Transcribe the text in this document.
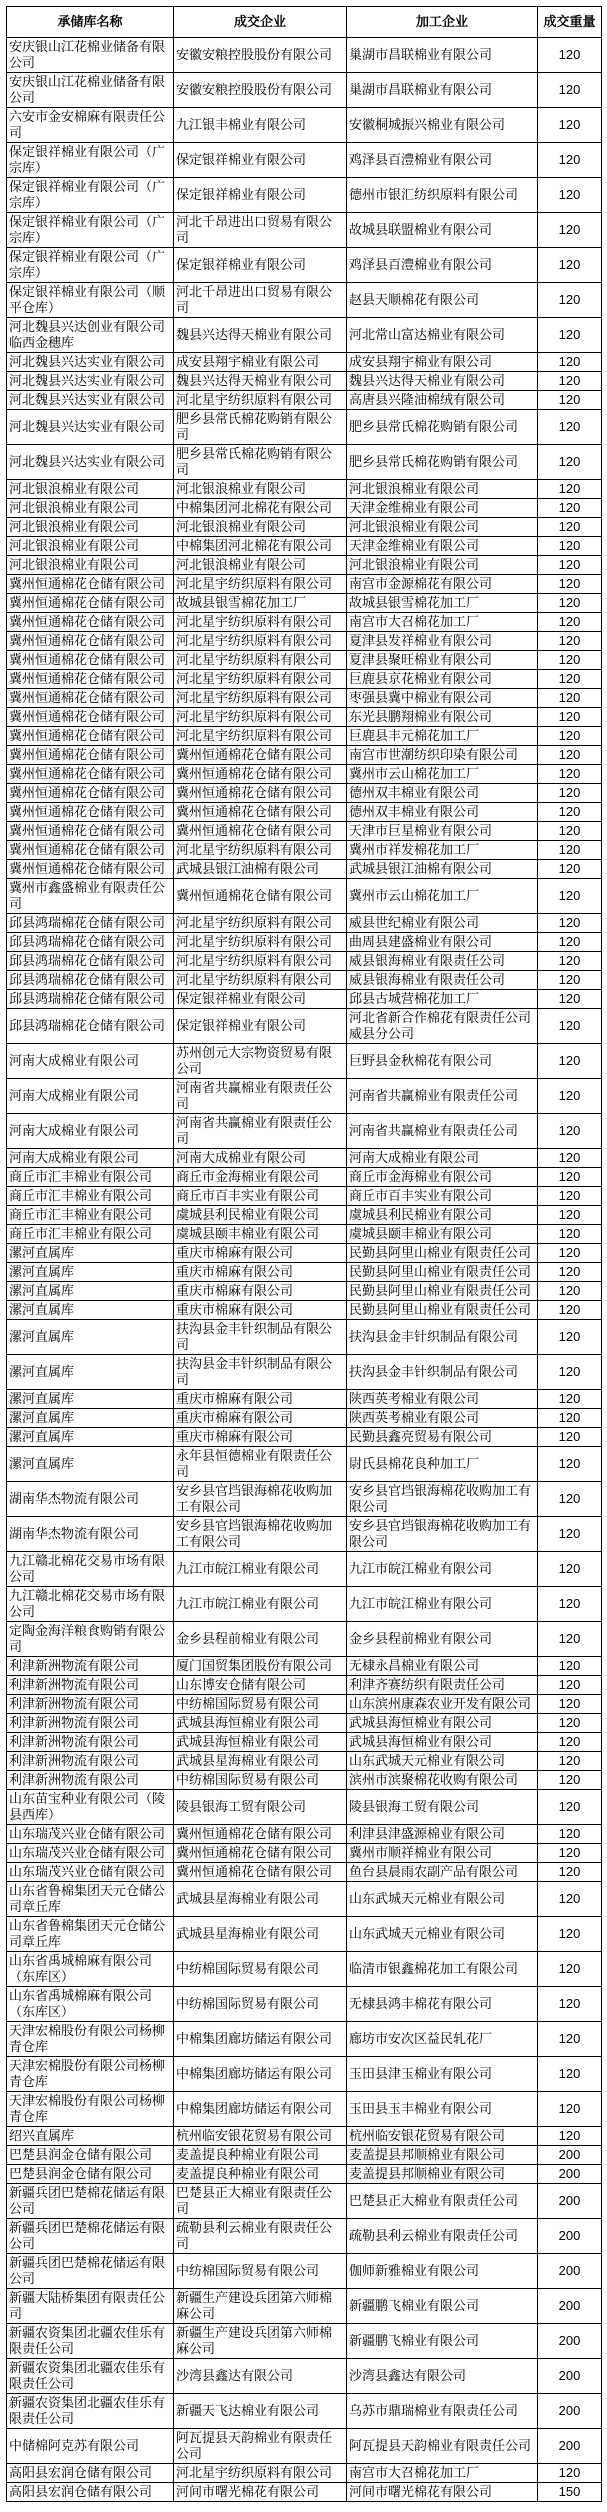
承储库名称	成交企业	加工企业	成交重量
安庆银山江花棉业储备有限公司	安徽安粮控股股份有限公司	巢湖市昌联棉业有限公司	120
安庆银山江花棉业储备有限公司	安徽安粮控股股份有限公司	巢湖市昌联棉业有限公司	120
六安市金安棉麻有限责任公司	九江银丰棉业有限公司	安徽桐城振兴棉业有限公司	120
保定银祥棉业有限公司（广宗库）	保定银祥棉业有限公司	鸡泽县百澧棉业有限公司	120
保定银祥棉业有限公司（广宗库）	保定银祥棉业有限公司	德州市银汇纺织原料有限公司	120
保定银祥棉业有限公司（广宗库）	河北千昂进出口贸易有限公司	故城县联盟棉业有限公司	120
保定银祥棉业有限公司（广宗库）	保定银祥棉业有限公司	鸡泽县百澧棉业有限公司	120
保定银祥棉业有限公司（顺平仓库）	河北千昂进出口贸易有限公司	赵县天顺棉花有限公司	120
河北魏县兴达创业有限公司临西金穗库	魏县兴达得天棉业有限公司	河北常山富达棉业有限公司	120
河北魏县兴达实业有限公司	成安县翔宇棉业有限公司	成安县翔宇棉业有限公司	120
河北魏县兴达实业有限公司	魏县兴达得天棉业有限公司	魏县兴达得天棉业有限公司	120
河北魏县兴达实业有限公司	河北星宇纺织原料有限公司	高唐县兴隆油棉绒有限公司	120
河北魏县兴达实业有限公司	肥乡县常氏棉花购销有限公司	肥乡县常氏棉花购销有限公司	120
河北魏县兴达实业有限公司	肥乡县常氏棉花购销有限公司	肥乡县常氏棉花购销有限公司	120
河北银浪棉业有限公司	河北银浪棉业有限公司	河北银浪棉业有限公司	120
河北银浪棉业有限公司	中棉集团河北棉花有限公司	天津金维棉业有限公司	120
河北银浪棉业有限公司	河北银浪棉业有限公司	河北银浪棉业有限公司	120
河北银浪棉业有限公司	中棉集团河北棉花有限公司	天津金维棉业有限公司	120
河北银浪棉业有限公司	河北银浪棉业有限公司	河北银浪棉业有限公司	120
冀州恒通棉花仓储有限公司	河北星宇纺织原料有限公司	南宫市金源棉花有限公司	120
冀州恒通棉花仓储有限公司	故城县银雪棉花加工厂	故城县银雪棉花加工厂	120
冀州恒通棉花仓储有限公司	河北星宇纺织原料有限公司	南宫市大召棉花加工厂	120
冀州恒通棉花仓储有限公司	河北星宇纺织原料有限公司	夏津县发祥棉业有限公司	120
冀州恒通棉花仓储有限公司	河北星宇纺织原料有限公司	夏津县聚旺棉业有限公司	120
冀州恒通棉花仓储有限公司	河北星宇纺织原料有限公司	巨鹿县京花棉业有限公司	120
冀州恒通棉花仓储有限公司	河北星宇纺织原料有限公司	枣强县冀中棉业有限公司	120
冀州恒通棉花仓储有限公司	河北星宇纺织原料有限公司	东光县鹏翔棉业有限公司	120
冀州恒通棉花仓储有限公司	河北星宇纺织原料有限公司	巨鹿县丰元棉花加工厂	120
冀州恒通棉花仓储有限公司	冀州恒通棉花仓储有限公司	南宫市世潮纺织印染有限公司	120
冀州恒通棉花仓储有限公司	冀州恒通棉花仓储有限公司	冀州市云山棉花加工厂	120
冀州恒通棉花仓储有限公司	冀州恒通棉花仓储有限公司	德州双丰棉业有限公司	120
冀州恒通棉花仓储有限公司	冀州恒通棉花仓储有限公司	德州双丰棉业有限公司	120
冀州恒通棉花仓储有限公司	冀州恒通棉花仓储有限公司	天津市巨星棉业有限公司	120
冀州恒通棉花仓储有限公司	河北星宇纺织原料有限公司	冀州市祥发棉花加工厂	120
冀州恒通棉花仓储有限公司	武城县银江油棉有限公司	武城县银江油棉有限公司	120
冀州市鑫盛棉业有限责任公司	冀州恒通棉花仓储有限公司	冀州市云山棉花加工厂	120
邱县鸿瑞棉花仓储有限公司	河北星宇纺织原料有限公司	威县世纪棉业有限公司	120
邱县鸿瑞棉花仓储有限公司	河北星宇纺织原料有限公司	曲周县建盛棉业有限公司	120
邱县鸿瑞棉花仓储有限公司	河北星宇纺织原料有限公司	威县银海棉业有限责任公司	120
邱县鸿瑞棉花仓储有限公司	河北星宇纺织原料有限公司	威县银海棉业有限责任公司	120
邱县鸿瑞棉花仓储有限公司	保定银祥棉业有限公司	邱县古城营棉花加工厂	120
邱县鸿瑞棉花仓储有限公司	保定银祥棉业有限公司	河北省新合作棉花有限责任公司威县分公司	120
河南大成棉业有限公司	苏州创元大宗物资贸易有限公司	巨野县金秋棉花有限公司	120
河南大成棉业有限公司	河南省共赢棉业有限责任公司	河南省共赢棉业有限责任公司	120
河南大成棉业有限公司	河南省共赢棉业有限责任公司	河南省共赢棉业有限责任公司	120
河南大成棉业有限公司	河南大成棉业有限公司	河南大成棉业有限公司	120
商丘市汇丰棉业有限公司	商丘市金海棉业有限公司	商丘市金海棉业有限公司	120
商丘市汇丰棉业有限公司	商丘市百丰实业有限公司	商丘市百丰实业有限公司	120
商丘市汇丰棉业有限公司	虞城县利民棉业有限公司	虞城县利民棉业有限公司	120
商丘市汇丰棉业有限公司	虞城县颐丰棉业有限公司	虞城县颐丰棉业有限公司	120
漯河直属库	重庆市棉麻有限公司	民勤县阿里山棉业有限责任公司	120
漯河直属库	重庆市棉麻有限公司	民勤县阿里山棉业有限责任公司	120
漯河直属库	重庆市棉麻有限公司	民勤县阿里山棉业有限责任公司	120
漯河直属库	重庆市棉麻有限公司	民勤县阿里山棉业有限责任公司	120
漯河直属库	扶沟县金丰针织制品有限公司	扶沟县金丰针织制品有限公司	120
漯河直属库	扶沟县金丰针织制品有限公司	扶沟县金丰针织制品有限公司	120
漯河直属库	重庆市棉麻有限公司	陕西英考棉业有限公司	120
漯河直属库	重庆市棉麻有限公司	陕西英考棉业有限公司	120
漯河直属库	重庆市棉麻有限公司	民勤县鑫亮贸易有限公司	120
漯河直属库	永年县恒德棉业有限责任公司	尉氏县棉花良种加工厂	120
湖南华杰物流有限公司	安乡县官垱银海棉花收购加工有限公司	安乡县官垱银海棉花收购加工有限公司	120
湖南华杰物流有限公司	安乡县官垱银海棉花收购加工有限公司	安乡县官垱银海棉花收购加工有限公司	120
九江赣北棉花交易市场有限公司	九江市皖江棉业有限公司	九江市皖江棉业有限公司	120
九江赣北棉花交易市场有限公司	九江市皖江棉业有限公司	九江市皖江棉业有限公司	120
定陶金海洋粮食购销有限公司	金乡县程前棉业有限公司	金乡县程前棉业有限公司	120
利津新洲物流有限公司	厦门国贸集团股份有限公司	无棣永昌棉业有限公司	120
利津新洲物流有限公司	山东博安仓储有限公司	利津齐赛纺织有限责任公司	120
利津新洲物流有限公司	中纺棉国际贸易有限公司	山东滨州康森农业开发有限公司	120
利津新洲物流有限公司	武城县海恒棉业有限公司	武城县海恒棉业有限公司	120
利津新洲物流有限公司	武城县海恒棉业有限公司	武城县海恒棉业有限公司	120
利津新洲物流有限公司	武城县星海棉业有限公司	山东武城天元棉业有限公司	120
利津新洲物流有限公司	中纺棉国际贸易有限公司	滨州市滨聚棉花收购有限公司	120
山东苗宝种业有限公司（陵县西库）	陵县银海工贸有限公司	陵县银海工贸有限公司	120
山东瑞茂兴业仓储有限公司	冀州恒通棉花仓储有限公司	利津县津盛源棉业有限公司	120
山东瑞茂兴业仓储有限公司	冀州恒通棉花仓储有限公司	冀州市顺祥棉业有限公司	120
山东瑞茂兴业仓储有限公司	冀州恒通棉花仓储有限公司	鱼台县晨雨农副产品有限公司	120
山东省鲁棉集团天元仓储公司章丘库	武城县星海棉业有限公司	山东武城天元棉业有限公司	120
山东省鲁棉集团天元仓储公司章丘库	武城县星海棉业有限公司	山东武城天元棉业有限公司	120
山东省禹城棉麻有限公司（东库区）	中纺棉国际贸易有限公司	临清市银鑫棉花加工有限公司	120
山东省禹城棉麻有限公司（东库区）	中纺棉国际贸易有限公司	无棣县鸿丰棉花有限公司	120
天津宏棉股份有限公司杨柳青仓库	中棉集团廊坊储运有限公司	廊坊市安次区益民轧花厂	120
天津宏棉股份有限公司杨柳青仓库	中棉集团廊坊储运有限公司	玉田县津玉棉业有限公司	120
天津宏棉股份有限公司杨柳青仓库	中棉集团廊坊储运有限公司	玉田县玉丰棉业有限公司	120
绍兴直属库	杭州临安银花贸易有限公司	杭州临安银花贸易有限公司	120
巴楚县润金仓储有限公司	麦盖提良种棉业有限公司	麦盖提县邦顺棉业有限公司	200
巴楚县润金仓储有限公司	麦盖提良种棉业有限公司	麦盖提县邦顺棉业有限公司	200
新疆兵团巴楚棉花储运有限公司	巴楚县正大棉业有限责任公司	巴楚县正大棉业有限责任公司	200
新疆兵团巴楚棉花储运有限公司	疏勒县利云棉业有限责任公司	疏勒县利云棉业有限责任公司	200
新疆兵团巴楚棉花储运有限公司	中纺棉国际贸易有限公司	伽师新雅棉业有限公司	200
新疆大陆桥集团有限责任公司	新疆生产建设兵团第六师棉麻公司	新疆鹏飞棉业有限公司	200
新疆农资集团北疆农佳乐有限责任公司	新疆生产建设兵团第六师棉麻公司	新疆鹏飞棉业有限公司	200
新疆农资集团北疆农佳乐有限责任公司	沙湾县鑫达有限公司	沙湾县鑫达有限公司	200
新疆农资集团北疆农佳乐有限责任公司	新疆天飞达棉业有限公司	乌苏市鼎瑞棉业有限责任公司	200
中储棉阿克苏有限公司	阿瓦提县天韵棉业有限责任公司	阿瓦提县天韵棉业有限责任公司	200
高阳县宏润仓储有限公司	河北星宇纺织原料有限公司	南宫市大召棉花加工厂	120
高阳县宏润仓储有限公司	河间市曙光棉花有限公司	河间市曙光棉花有限公司	150
